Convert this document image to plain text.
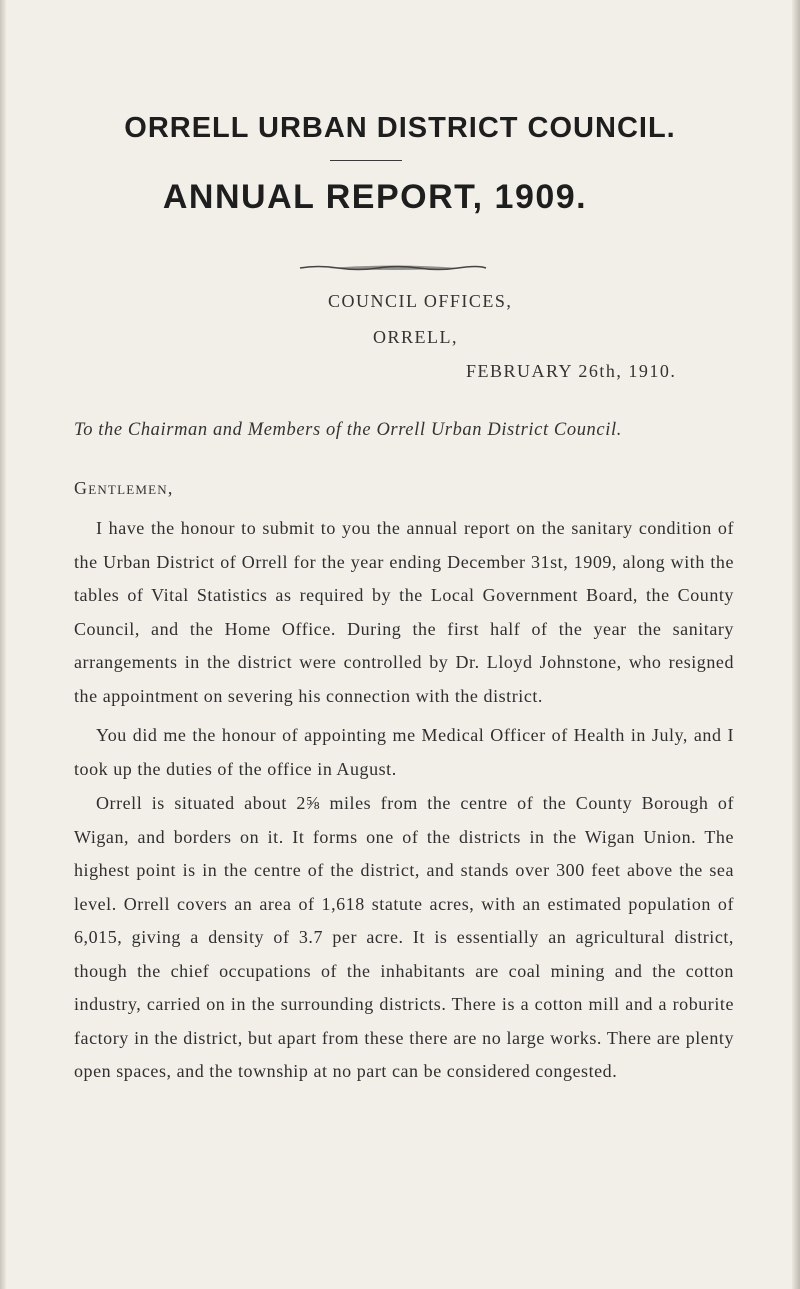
ORRELL URBAN DISTRICT COUNCIL.
ANNUAL REPORT, 1909.
COUNCIL OFFICES,
ORRELL,
FEBRUARY 26th, 1910.
To the Chairman and Members of the Orrell Urban District Council.
Gentlemen,

I have the honour to submit to you the annual report on the sanitary condition of the Urban District of Orrell for the year ending December 31st, 1909, along with the tables of Vital Statistics as required by the Local Government Board, the County Council, and the Home Office. During the first half of the year the sanitary arrangements in the district were controlled by Dr. Lloyd Johnstone, who resigned the appointment on severing his connection with the district.

You did me the honour of appointing me Medical Officer of Health in July, and I took up the duties of the office in August.

Orrell is situated about 2⅝ miles from the centre of the County Borough of Wigan, and borders on it. It forms one of the districts in the Wigan Union. The highest point is in the centre of the district, and stands over 300 feet above the sea level. Orrell covers an area of 1,618 statute acres, with an estimated population of 6,015, giving a density of 3.7 per acre. It is essentially an agricultural district, though the chief occupations of the inhabitants are coal mining and the cotton industry, carried on in the surrounding districts. There is a cotton mill and a roburite factory in the district, but apart from these there are no large works. There are plenty open spaces, and the township at no part can be considered congested.
